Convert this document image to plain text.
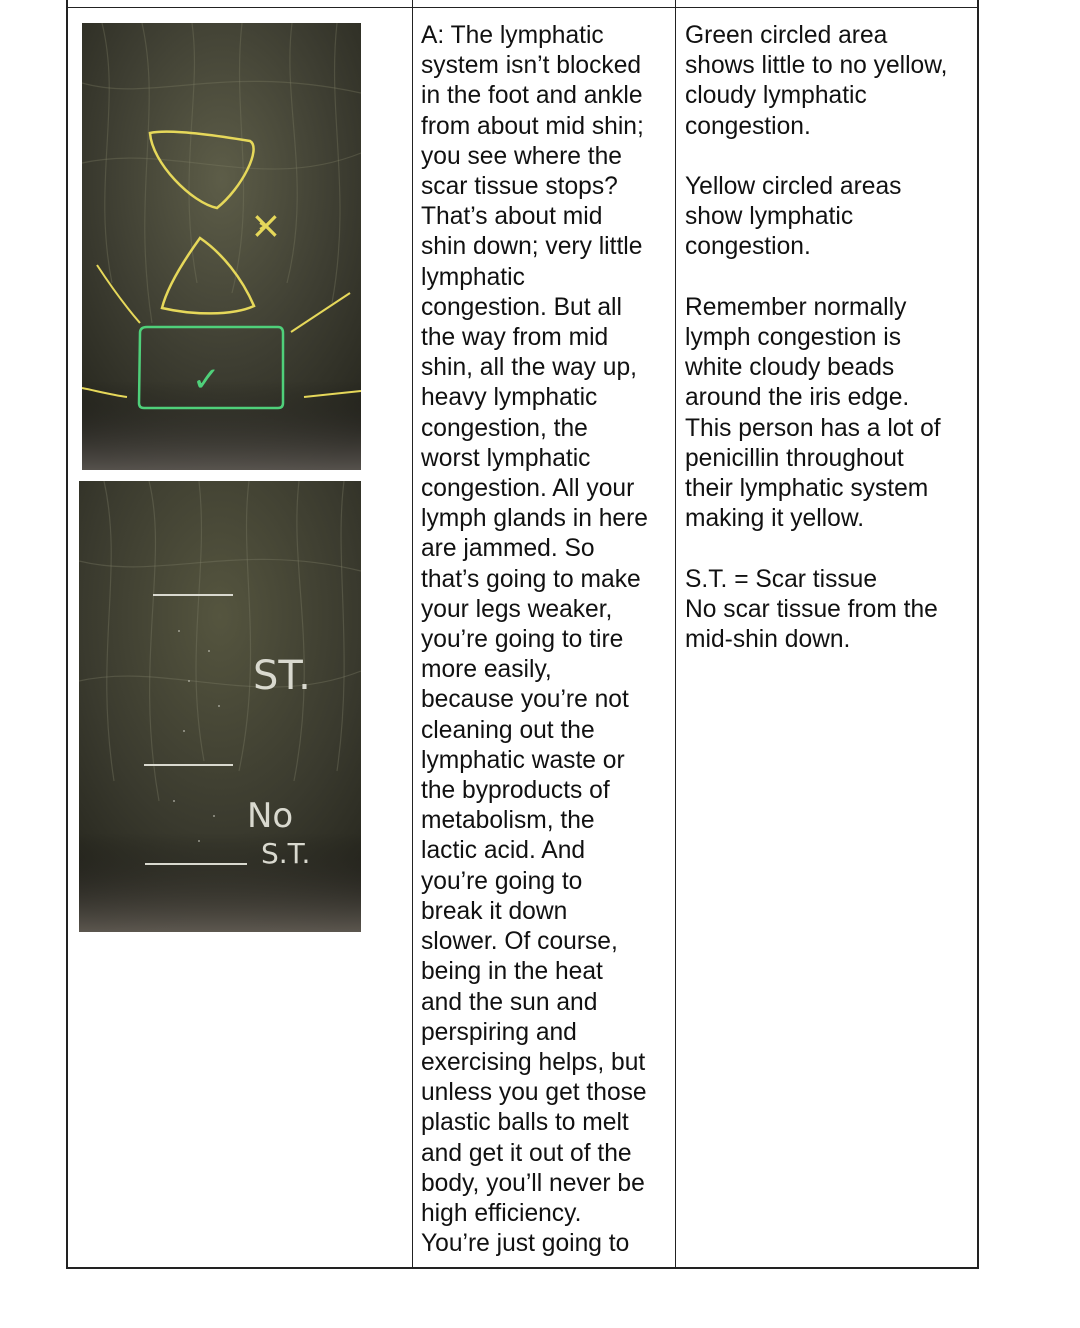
×
✓
ST.
No
S.T.
A: The lymphatic
system isn’t blocked
in the foot and ankle
from about mid shin;
you see where the
scar tissue stops?
That’s about mid
shin down; very little
lymphatic
congestion. But all
the way from mid
shin, all the way up,
heavy lymphatic
congestion, the
worst lymphatic
congestion. All your
lymph glands in here
are jammed. So
that’s going to make
your legs weaker,
you’re going to tire
more easily,
because you’re not
cleaning out the
lymphatic waste or
the byproducts of
metabolism, the
lactic acid. And
you’re going to
break it down
slower. Of course,
being in the heat
and the sun and
perspiring and
exercising helps, but
unless you get those
plastic balls to melt
and get it out of the
body, you’ll never be
high efficiency.
You’re just going to
Green circled area
shows little to no yellow,
cloudy lymphatic
congestion.
Yellow circled areas
show lymphatic
congestion.
Remember normally
lymph congestion is
white cloudy beads
around the iris edge.
This person has a lot of
penicillin throughout
their lymphatic system
making it yellow.
S.T. = Scar tissue
No scar tissue from the
mid-shin down.
